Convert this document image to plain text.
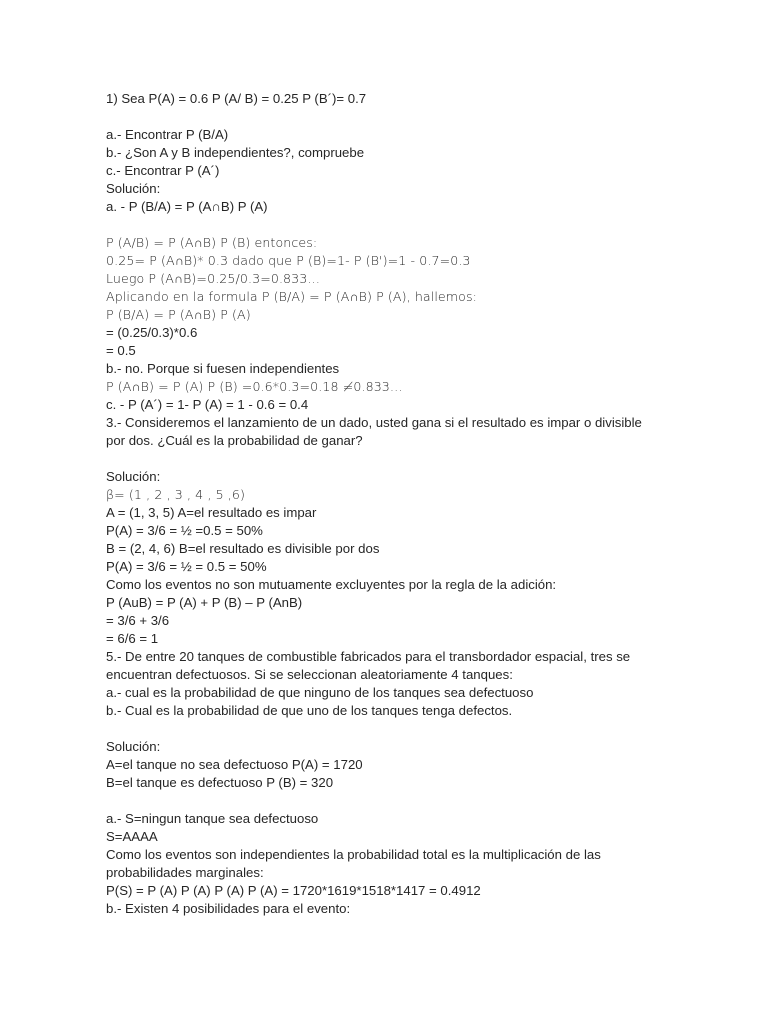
1) Sea P(A) = 0.6 P (A/ B) = 0.25 P (B´)= 0.7
a.- Encontrar P (B/A)
b.- ¿Son A y B independientes?, compruebe
c.- Encontrar P (A´)
Solución:
a. - P (B/A) = P (A∩B) P (A)
P (A/B) = P (A∩B) P (B) entonces:
0.25= P (A∩B)* 0.3 dado que P (B)=1- P (B')=1 - 0.7=0.3
Luego P (A∩B)=0.25/0.3=0.833…
Aplicando en la formula P (B/A) = P (A∩B) P (A), hallemos:
P (B/A) = P (A∩B) P (A)
= (0.25/0.3)*0.6
= 0.5
b.- no. Porque si fuesen independientes
P (A∩B) = P (A) P (B) =0.6*0.3=0.18 ≠0.833…
c. - P (A´) = 1- P (A) = 1 - 0.6 = 0.4
3.- Consideremos el lanzamiento de un dado, usted gana si el resultado es impar o divisible
por dos. ¿Cuál es la probabilidad de ganar?
Solución:
β= (1 , 2 , 3 , 4 , 5 ,6)
A = (1, 3, 5) A=el resultado es impar
P(A) = 3/6 = ½ =0.5 = 50%
B = (2, 4, 6) B=el resultado es divisible por dos
P(A) = 3/6 = ½ = 0.5 = 50%
Como los eventos no son mutuamente excluyentes por la regla de la adición:
P (AuB) = P (A) + P (B) – P (AnB)
= 3/6 + 3/6
= 6/6 = 1
5.- De entre 20 tanques de combustible fabricados para el transbordador espacial, tres se
encuentran defectuosos. Si se seleccionan aleatoriamente 4 tanques:
a.- cual es la probabilidad de que ninguno de los tanques sea defectuoso
b.- Cual es la probabilidad de que uno de los tanques tenga defectos.
Solución:
A=el tanque no sea defectuoso P(A) = 1720
B=el tanque es defectuoso P (B) = 320
a.- S=ningun tanque sea defectuoso
S=AAAA
Como los eventos son independientes la probabilidad total es la multiplicación de las
probabilidades marginales:
P(S) = P (A) P (A) P (A) P (A) = 1720*1619*1518*1417 = 0.4912
b.- Existen 4 posibilidades para el evento:
